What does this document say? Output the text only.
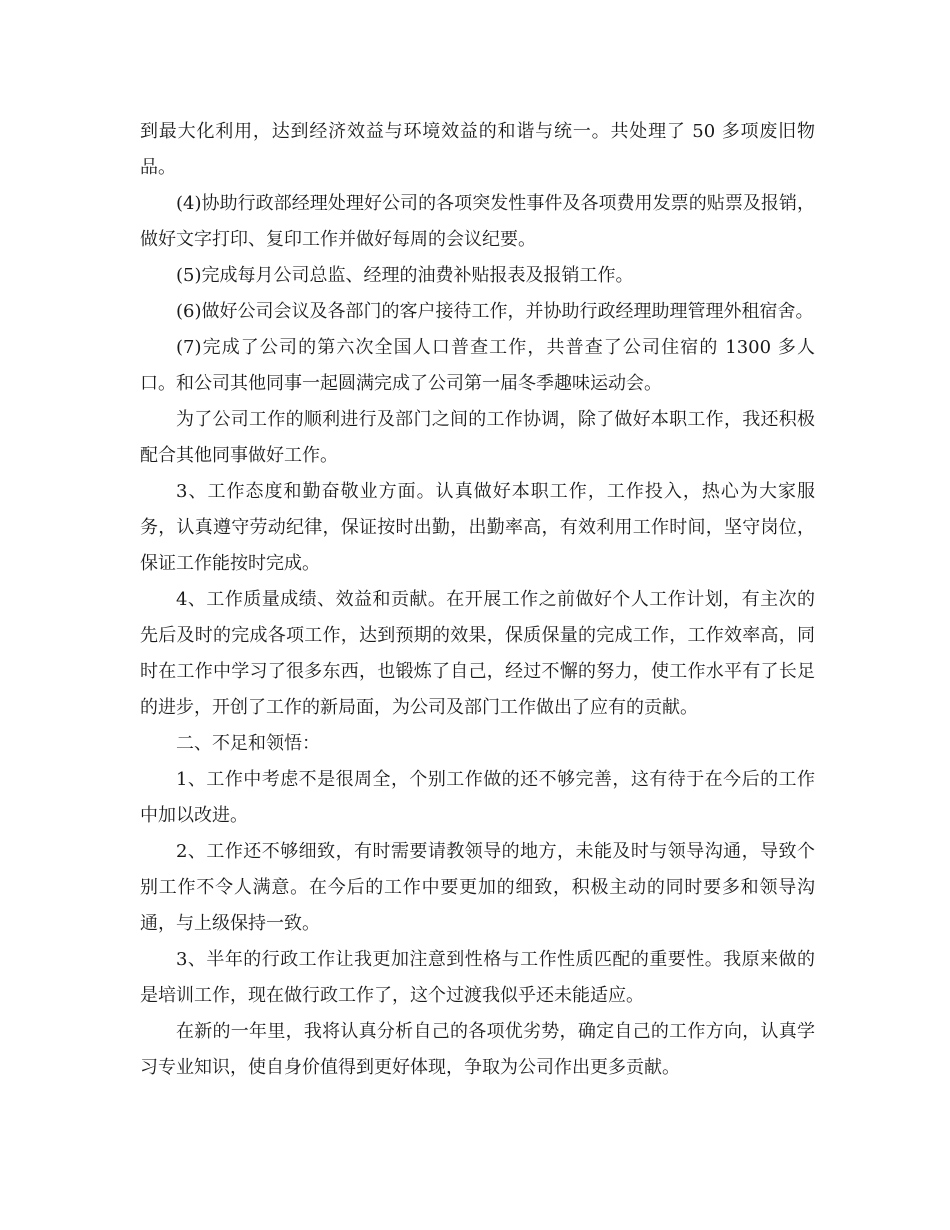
到最大化利用，达到经济效益与环境效益的和谐与统一。共处理了 50 多项废旧物品。

(4)协助行政部经理处理好公司的各项突发性事件及各项费用发票的贴票及报销，做好文字打印、复印工作并做好每周的会议纪要。

(5)完成每月公司总监、经理的油费补贴报表及报销工作。

(6)做好公司会议及各部门的客户接待工作，并协助行政经理助理管理外租宿舍。

(7)完成了公司的第六次全国人口普查工作，共普查了公司住宿的 1300 多人口。和公司其他同事一起圆满完成了公司第一届冬季趣味运动会。

为了公司工作的顺利进行及部门之间的工作协调，除了做好本职工作，我还积极配合其他同事做好工作。

3、工作态度和勤奋敬业方面。认真做好本职工作，工作投入，热心为大家服务，认真遵守劳动纪律，保证按时出勤，出勤率高，有效利用工作时间，坚守岗位，保证工作能按时完成。

4、工作质量成绩、效益和贡献。在开展工作之前做好个人工作计划，有主次的先后及时的完成各项工作，达到预期的效果，保质保量的完成工作，工作效率高，同时在工作中学习了很多东西，也锻炼了自己，经过不懈的努力，使工作水平有了长足的进步，开创了工作的新局面，为公司及部门工作做出了应有的贡献。

二、不足和领悟：

1、工作中考虑不是很周全，个别工作做的还不够完善，这有待于在今后的工作中加以改进。

2、工作还不够细致，有时需要请教领导的地方，未能及时与领导沟通，导致个别工作不令人满意。在今后的工作中要更加的细致，积极主动的同时要多和领导沟通，与上级保持一致。

3、半年的行政工作让我更加注意到性格与工作性质匹配的重要性。我原来做的是培训工作，现在做行政工作了，这个过渡我似乎还未能适应。

在新的一年里，我将认真分析自己的各项优劣势，确定自己的工作方向，认真学习专业知识，使自身价值得到更好体现，争取为公司作出更多贡献。
